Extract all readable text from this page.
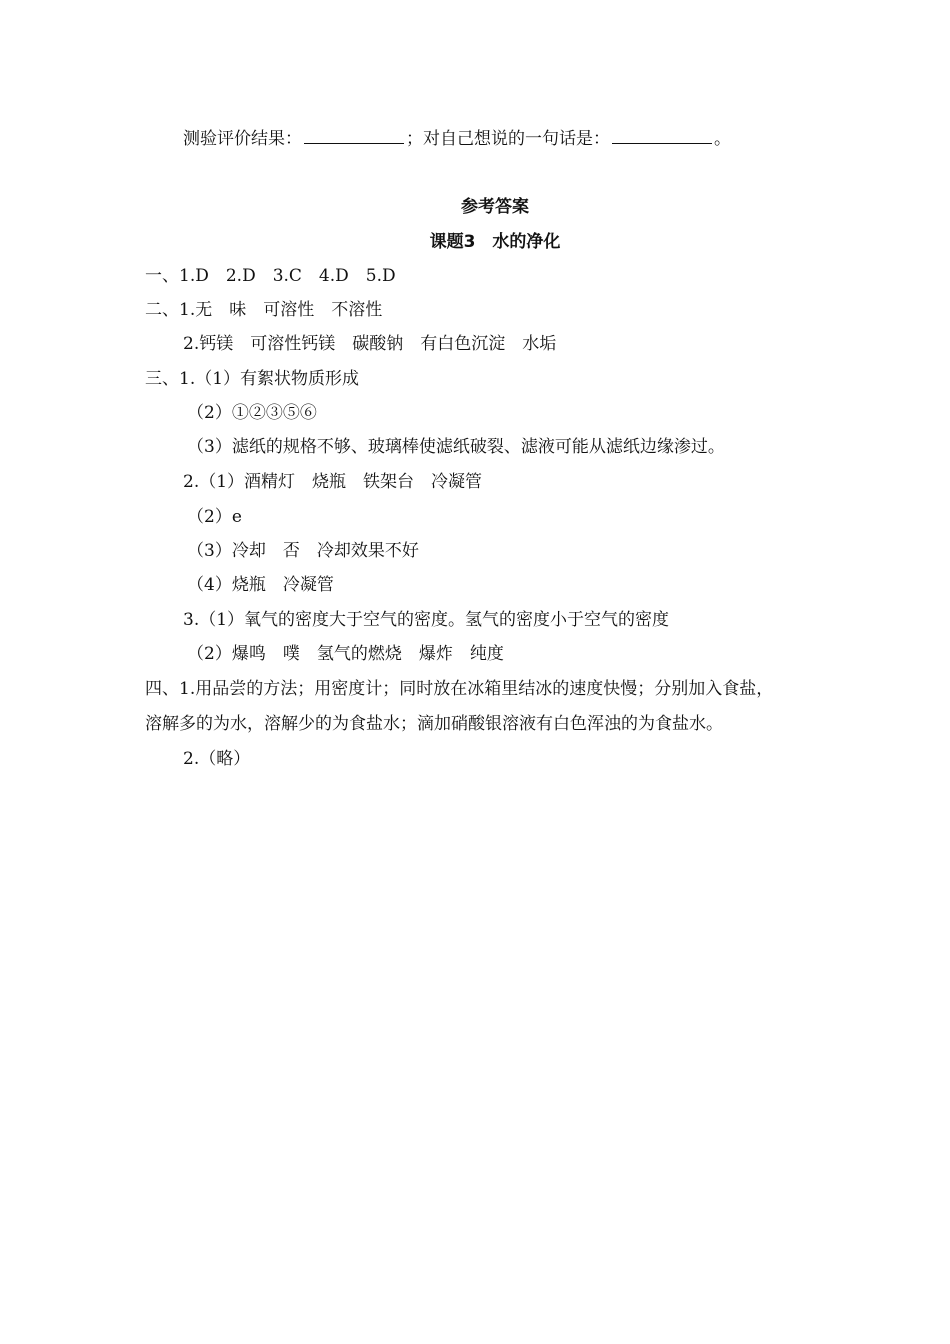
测验评价结果：	；对自己想说的一句话是：	。
参考答案
课题3　水的净化
一、1.D　2.D　3.C　4.D　5.D
二、1.无　味　可溶性　不溶性
2.钙镁　可溶性钙镁　碳酸钠　有白色沉淀　水垢
三、1.（1）有絮状物质形成
（2）①②③⑤⑥
（3）滤纸的规格不够、玻璃棒使滤纸破裂、滤液可能从滤纸边缘渗过。
2.（1）酒精灯　烧瓶　铁架台　冷凝管
（2）e
（3）冷却　否　冷却效果不好
（4）烧瓶　冷凝管
3.（1）氧气的密度大于空气的密度。氢气的密度小于空气的密度
（2）爆鸣　噗　氢气的燃烧　爆炸　纯度
四、1.用品尝的方法；用密度计；同时放在冰箱里结冰的速度快慢；分别加入食盐，
溶解多的为水，溶解少的为食盐水；滴加硝酸银溶液有白色浑浊的为食盐水。
2.（略）
